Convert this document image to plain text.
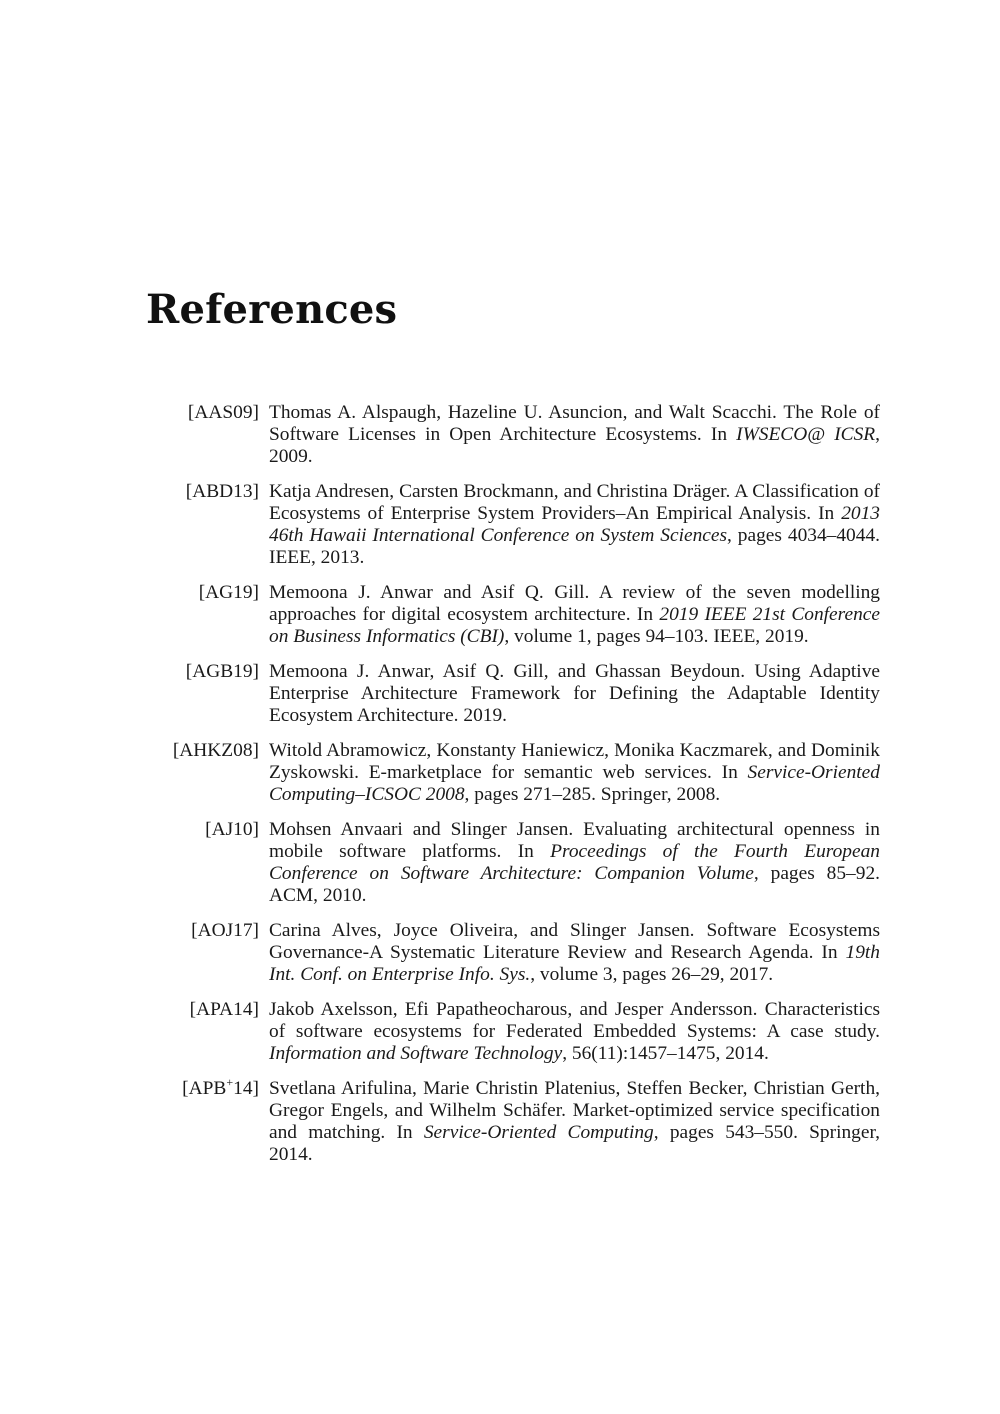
References
[AAS09] Thomas A. Alspaugh, Hazeline U. Asuncion, and Walt Scacchi. The Role of Software Licenses in Open Architecture Ecosystems. In IWSECO@ ICSR, 2009.
[ABD13] Katja Andresen, Carsten Brockmann, and Christina Dräger. A Classification of Ecosystems of Enterprise System Providers–An Empirical Analysis. In 2013 46th Hawaii International Conference on System Sciences, pages 4034–4044. IEEE, 2013.
[AG19] Memoona J. Anwar and Asif Q. Gill. A review of the seven modelling approaches for digital ecosystem architecture. In 2019 IEEE 21st Conference on Business Informatics (CBI), volume 1, pages 94–103. IEEE, 2019.
[AGB19] Memoona J. Anwar, Asif Q. Gill, and Ghassan Beydoun. Using Adaptive Enterprise Architecture Framework for Defining the Adaptable Identity Ecosystem Architecture. 2019.
[AHKZ08] Witold Abramowicz, Konstanty Haniewicz, Monika Kaczmarek, and Dominik Zyskowski. E-marketplace for semantic web services. In Service-Oriented Computing–ICSOC 2008, pages 271–285. Springer, 2008.
[AJ10] Mohsen Anvaari and Slinger Jansen. Evaluating architectural openness in mobile software platforms. In Proceedings of the Fourth European Conference on Software Architecture: Companion Volume, pages 85–92. ACM, 2010.
[AOJ17] Carina Alves, Joyce Oliveira, and Slinger Jansen. Software Ecosystems Governance-A Systematic Literature Review and Research Agenda. In 19th Int. Conf. on Enterprise Info. Sys., volume 3, pages 26–29, 2017.
[APA14] Jakob Axelsson, Efi Papatheocharous, and Jesper Andersson. Characteristics of software ecosystems for Federated Embedded Systems: A case study. Information and Software Technology, 56(11):1457–1475, 2014.
[APB+14] Svetlana Arifulina, Marie Christin Platenius, Steffen Becker, Christian Gerth, Gregor Engels, and Wilhelm Schäfer. Market-optimized service specification and matching. In Service-Oriented Computing, pages 543–550. Springer, 2014.
